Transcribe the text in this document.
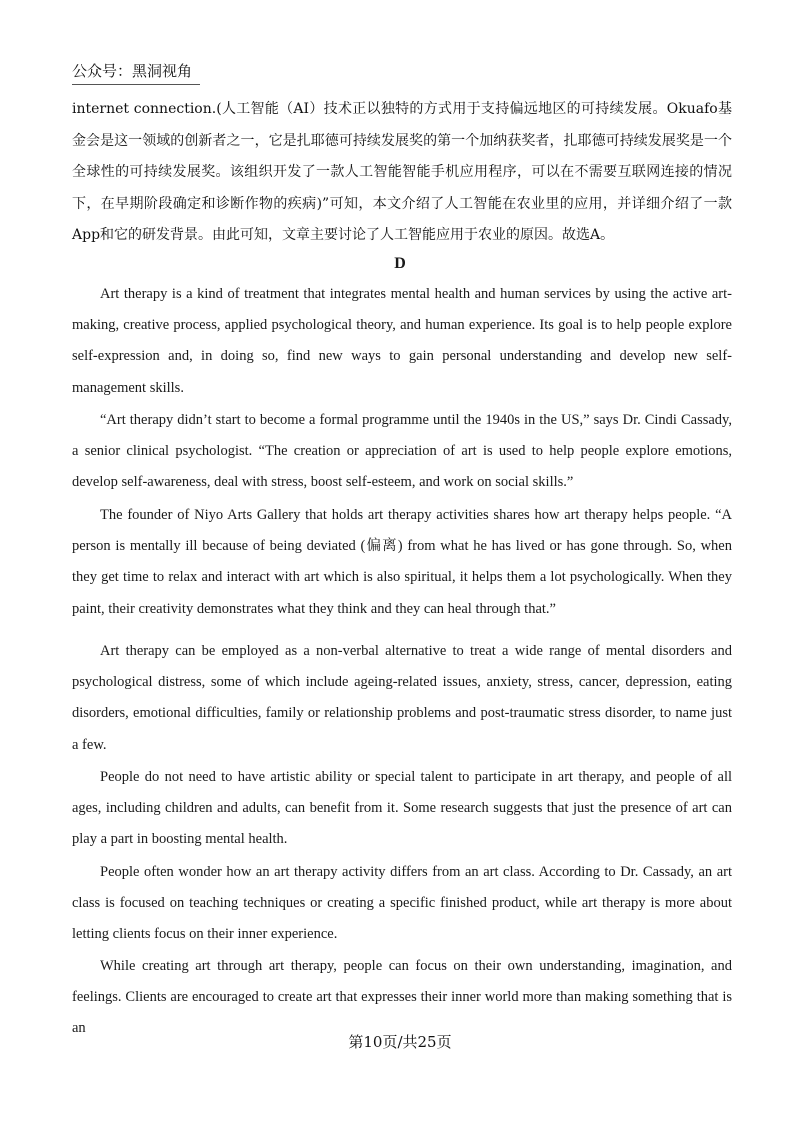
公众号：黑洞视角
internet connection.(人工智能（AI）技术正以独特的方式用于支持偏远地区的可持续发展。Okuafo基金会是这一领域的创新者之一，它是扎耶德可持续发展奖的第一个加纳获奖者，扎耶德可持续发展奖是一个全球性的可持续发展奖。该组织开发了一款人工智能智能手机应用程序，可以在不需要互联网连接的情况下，在早期阶段确定和诊断作物的疾病)”可知，本文介绍了人工智能在农业里的应用，并详细介绍了一款App和它的研发背景。由此可知，文章主要讨论了人工智能应用于农业的原因。故选A。
D

Art therapy is a kind of treatment that integrates mental health and human services by using the active art-making, creative process, applied psychological theory, and human experience. Its goal is to help people explore self-expression and, in doing so, find new ways to gain personal understanding and develop new self-management skills.

“Art therapy didn’t start to become a formal programme until the 1940s in the US,” says Dr. Cindi Cassady, a senior clinical psychologist. “The creation or appreciation of art is used to help people explore emotions, develop self-awareness, deal with stress, boost self-esteem, and work on social skills.”

The founder of Niyo Arts Gallery that holds art therapy activities shares how art therapy helps people. “A person is mentally ill because of being deviated (偏离) from what he has lived or has gone through. So, when they get time to relax and interact with art which is also spiritual, it helps them a lot psychologically. When they paint, their creativity demonstrates what they think and they can heal through that.”

Art therapy can be employed as a non-verbal alternative to treat a wide range of mental disorders and psychological distress, some of which include ageing-related issues, anxiety, stress, cancer, depression, eating disorders, emotional difficulties, family or relationship problems and post-traumatic stress disorder, to name just a few.

People do not need to have artistic ability or special talent to participate in art therapy, and people of all ages, including children and adults, can benefit from it. Some research suggests that just the presence of art can play a part in boosting mental health.

People often wonder how an art therapy activity differs from an art class. According to Dr. Cassady, an art class is focused on teaching techniques or creating a specific finished product, while art therapy is more about letting clients focus on their inner experience.

While creating art through art therapy, people can focus on their own understanding, imagination, and feelings. Clients are encouraged to create art that expresses their inner world more than making something that is an

第10页/共25页
